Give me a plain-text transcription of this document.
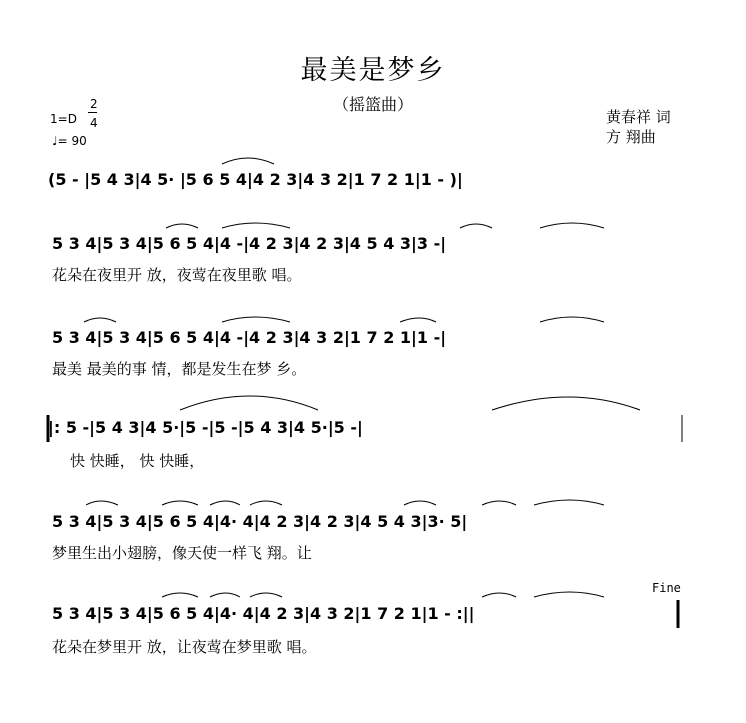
最美是梦乡
（摇篮曲）
黄春祥 词
方 翔曲
1=D
2
4
♩= 90
(5 - |5 4 3|4 5· |5 6 5 4|4 2 3|4 3 2|1 7 2 1|1 - )|
5 3 4|5 3 4|5 6 5 4|4 -|4 2 3|4 2 3|4 5 4 3|3 -|
花朵在夜里开 放，夜莺在夜里歌 唱。
5 3 4|5 3 4|5 6 5 4|4 -|4 2 3|4 3 2|1 7 2 1|1 -|
最美 最美的事 情，都是发生在梦 乡。
|: 5 -|5 4 3|4 5·|5 -|5 -|5 4 3|4 5·|5 -|
快 快睡， 快 快睡，
5 3 4|5 3 4|5 6 5 4|4· 4|4 2 3|4 2 3|4 5 4 3|3· 5|
梦里生出小翅膀，像天使一样飞 翔。让
Fine
5 3 4|5 3 4|5 6 5 4|4· 4|4 2 3|4 3 2|1 7 2 1|1 - :||
花朵在梦里开 放，让夜莺在梦里歌 唱。
